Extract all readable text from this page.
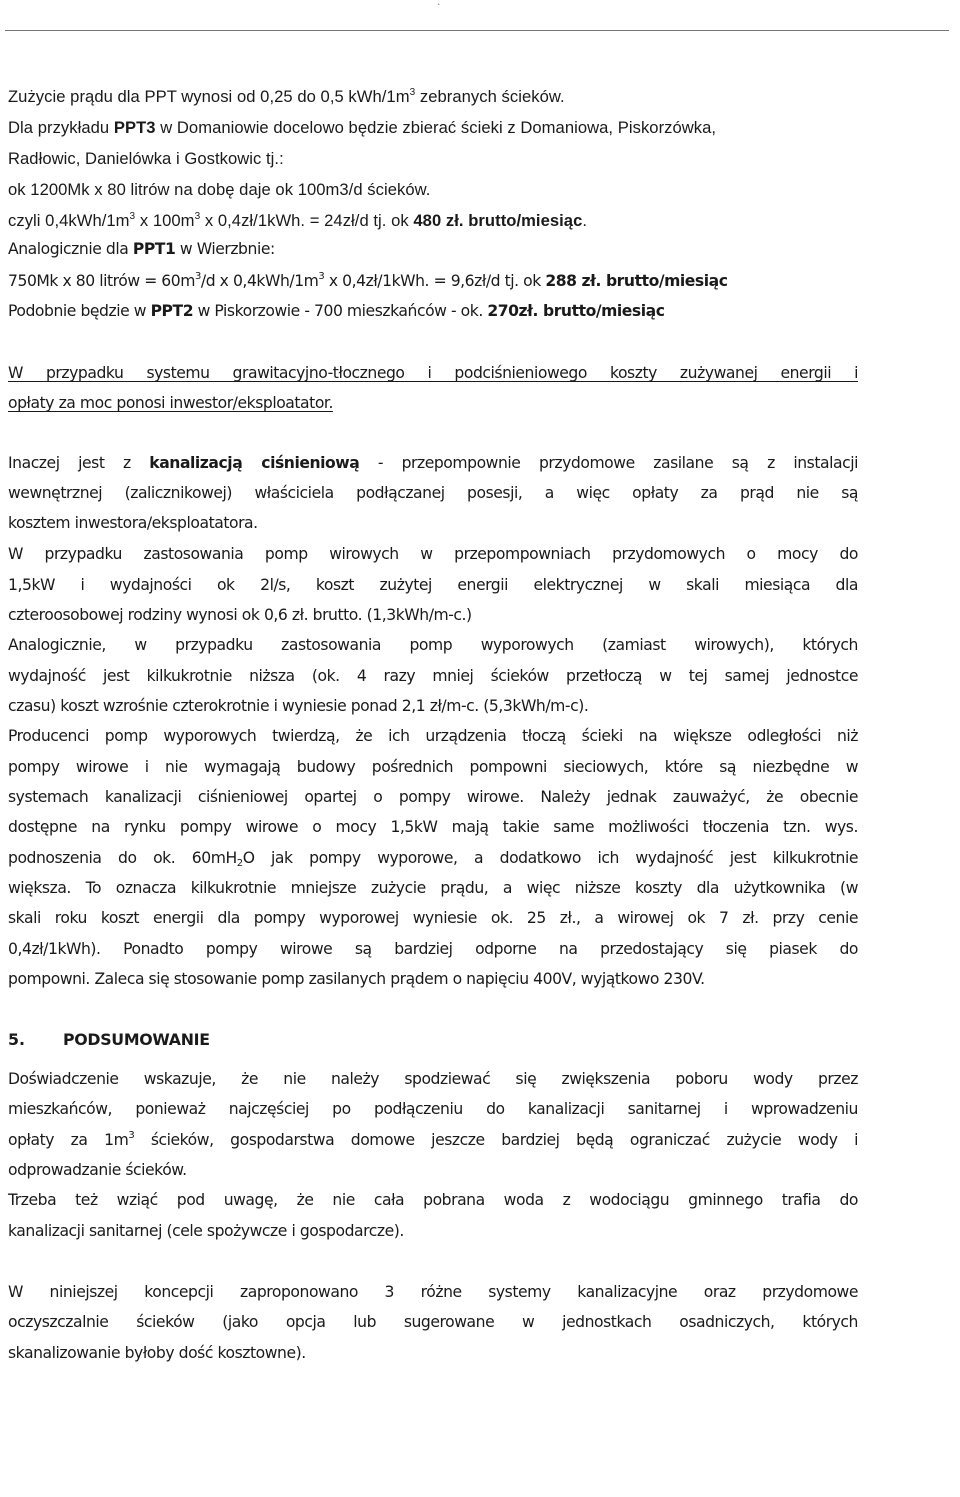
.

Zużycie prądu dla PPT wynosi od 0,25 do 0,5 kWh/$1m^3$ zebranych ścieków.

Dla przykładu PPT3 w Domaniowie docelowo będzie zbierać ścieki z Domaniowa, Piskorzówka,

Radłowic, Danielówka i Gostkowic tj.:

ok 1200Mk x 80 litrów na dobę daje ok 100m3/d ścieków.

czyli $0,4kWh/1m^3$ x $100m^3$ x 0,4zł/1kWh. = 24zł/d tj. ok 480 zł. brutto/miesiąc.

Analogicznie dla PPT1 w Wierzbnie:

750Mk x 80 litrów = $60m^3/d$ x $0,4kWh/1m^3$ x 0,4zł/1kWh. = 9,6zł/d tj. ok 288 zł. brutto/miesiąc

Podobnie będzie w PPT2 w Piskorzowie - 700 mieszkańców - ok. 270zł. brutto/miesiąc

W przypadku systemu grawitacyjno-tłocznego i podciśnieniowego koszty zużywanej energii i

opłaty za moc ponosi inwestor/eksploatator.

Inaczej jest z kanalizacją ciśnieniową - przepompownie przydomowe zasilane są z instalacji

wewnętrznej (zalicznikowej) właściciela podłączanej posesji, a więc opłaty za prąd nie są

kosztem inwestora/eksploatatora.

W przypadku zastosowania pomp wirowych w przepompowniach przydomowych o mocy do

1,5kW i wydajności ok 2l/s, koszt zużytej energii elektrycznej w skali miesiąca dla

czteroosobowej rodziny wynosi ok 0,6 zł. brutto. (1,3kWh/m-c.)

Analogicznie, w przypadku zastosowania pomp wyporowych (zamiast wirowych), których

wydajność jest kilkukrotnie niższa (ok. 4 razy mniej ścieków przetłoczą w tej samej jednostce

czasu) koszt wzrośnie czterokrotnie i wyniesie ponad 2,1 zł/m-c. (5,3kWh/m-c).

Producenci pomp wyporowych twierdzą, że ich urządzenia tłoczą ścieki na większe odległości niż

pompy wirowe i nie wymagają budowy pośrednich pompowni sieciowych, które są niezbędne w

systemach kanalizacji ciśnieniowej opartej o pompy wirowe. Należy jednak zauważyć, że obecnie

dostępne na rynku pompy wirowe o mocy 1,5kW mają takie same możliwości tłoczenia tzn. wys.

podnoszenia do ok. $60mH_2O$ jak pompy wyporowe, a dodatkowo ich wydajność jest kilkukrotnie

większa. To oznacza kilkukrotnie mniejsze zużycie prądu, a więc niższe koszty dla użytkownika (w

skali roku koszt energii dla pompy wyporowej wyniesie ok. 25 zł., a wirowej ok 7 zł. przy cenie

0,4zł/1kWh). Ponadto pompy wirowe są bardziej odporne na przedostający się piasek do

pompowni. Zaleca się stosowanie pomp zasilanych prądem o napięciu 400V, wyjątkowo 230V.

5. PODSUMOWANIE

Doświadczenie wskazuje, że nie należy spodziewać się zwiększenia poboru wody przez

mieszkańców, ponieważ najczęściej po podłączeniu do kanalizacji sanitarnej i wprowadzeniu

opłaty za $1m^3$ ścieków, gospodarstwa domowe jeszcze bardziej będą ograniczać zużycie wody i

odprowadzanie ścieków.

Trzeba też wziąć pod uwagę, że nie cała pobrana woda z wodociągu gminnego trafia do

kanalizacji sanitarnej (cele spożywcze i gospodarcze).

W niniejszej koncepcji zaproponowano 3 różne systemy kanalizacyjne oraz przydomowe

oczyszczalnie ścieków (jako opcja lub sugerowane w jednostkach osadniczych, których

skanalizowanie byłoby dość kosztowne).
